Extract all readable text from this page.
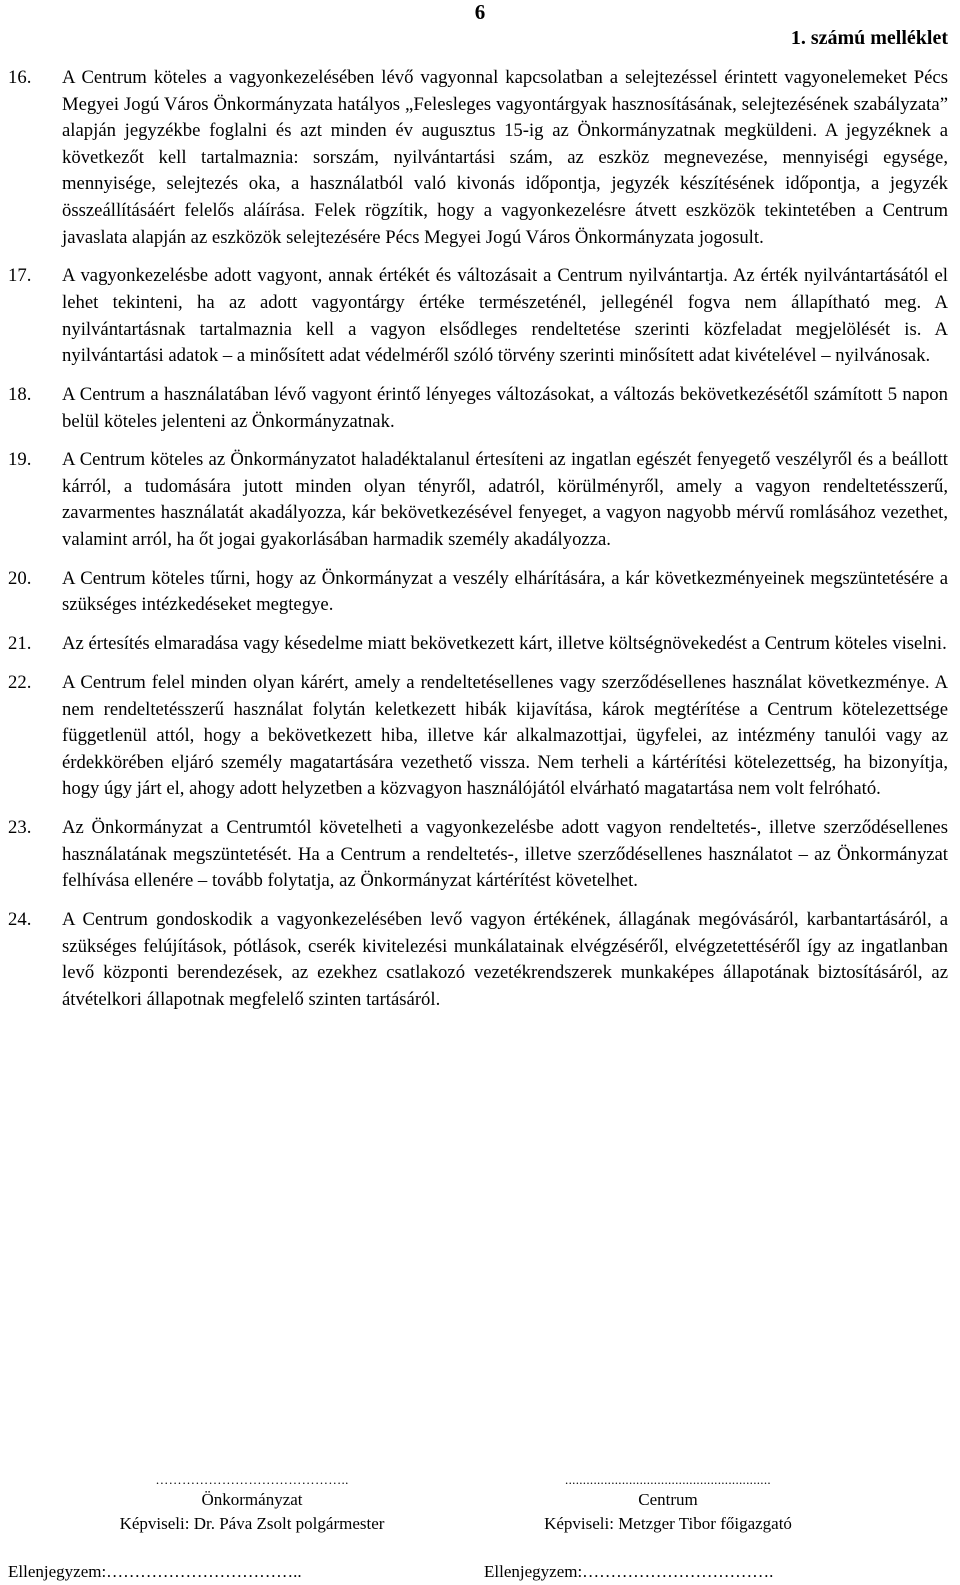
6
1. számú melléklet
16.	A Centrum köteles a vagyonkezelésében lévő vagyonnal kapcsolatban a selejtezéssel érintett vagyonelemeket Pécs Megyei Jogú Város Önkormányzata hatályos „Felesleges vagyontárgyak hasznosításának, selejtezésének szabályzata” alapján jegyzékbe foglalni és azt minden év augusztus 15-ig az Önkormányzatnak megküldeni. A jegyzéknek a következőt kell tartalmaznia: sorszám, nyilvántartási szám, az eszköz megnevezése, mennyiségi egysége, mennyisége, selejtezés oka, a használatból való kivonás időpontja, jegyzék készítésének időpontja, a jegyzék összeállításáért felelős aláírása. Felek rögzítik, hogy a vagyonkezelésre átvett eszközök tekintetében a Centrum javaslata alapján az eszközök selejtezésére Pécs Megyei Jogú Város Önkormányzata jogosult.
17.	A vagyonkezelésbe adott vagyont, annak értékét és változásait a Centrum nyilvántartja. Az érték nyilvántartásától el lehet tekinteni, ha az adott vagyontárgy értéke természeténél, jellegénél fogva nem állapítható meg. A nyilvántartásnak tartalmaznia kell a vagyon elsődleges rendeltetése szerinti közfeladat megjelölését is. A nyilvántartási adatok – a minősített adat védelméről szóló törvény szerinti minősített adat kivételével – nyilvánosak.
18.	A Centrum a használatában lévő vagyont érintő lényeges változásokat, a változás bekövetkezésétől számított 5 napon belül köteles jelenteni az Önkormányzatnak.
19.	A Centrum köteles az Önkormányzatot haladéktalanul értesíteni az ingatlan egészét fenyegető veszélyről és a beállott kárról, a tudomására jutott minden olyan tényről, adatról, körülményről, amely a vagyon rendeltetésszerű, zavarmentes használatát akadályozza, kár bekövetkezésével fenyeget, a vagyon nagyobb mérvű romlásához vezethet, valamint arról, ha őt jogai gyakorlásában harmadik személy akadályozza.
20.	A Centrum köteles tűrni, hogy az Önkormányzat a veszély elhárítására, a kár következményeinek megszüntetésére a szükséges intézkedéseket megtegye.
21.	Az értesítés elmaradása vagy késedelme miatt bekövetkezett kárt, illetve költségnövekedést a Centrum köteles viselni.
22.	A Centrum felel minden olyan kárért, amely a rendeltetésellenes vagy szerződésellenes használat következménye. A nem rendeltetésszerű használat folytán keletkezett hibák kijavítása, károk megtérítése a Centrum kötelezettsége függetlenül attól, hogy a bekövetkezett hiba, illetve kár alkalmazottjai, ügyfelei, az intézmény tanulói vagy az érdekkörében eljáró személy magatartására vezethető vissza. Nem terheli a kártérítési kötelezettség, ha bizonyítja, hogy úgy járt el, ahogy adott helyzetben a közvagyon használójától elvárható magatartása nem volt felróható.
23.	Az Önkormányzat a Centrumtól követelheti a vagyonkezelésbe adott vagyon rendeltetés-, illetve szerződésellenes használatának megszüntetését. Ha a Centrum a rendeltetés-, illetve szerződésellenes használatot – az Önkormányzat felhívása ellenére – tovább folytatja, az Önkormányzat kártérítést követelhet.
24.	A Centrum gondoskodik a vagyonkezelésében levő vagyon értékének, állagának megóvásáról, karbantartásáról, a szükséges felújítások, pótlások, cserék kivitelezési munkálatainak elvégzéséről, elvégzetettéséről így az ingatlanban levő központi berendezések, az ezekhez csatlakozó vezetékrendszerek munkaképes állapotának biztosításáról, az átvételkori állapotnak megfelelő szinten tartásáról.
……………………………………..
Önkormányzat
Képviseli: Dr. Páva Zsolt polgármester
..........................................................
Centrum
Képviseli: Metzger Tibor főigazgató
Ellenjegyzem:……………………………..	Ellenjegyzem:…………………………….
